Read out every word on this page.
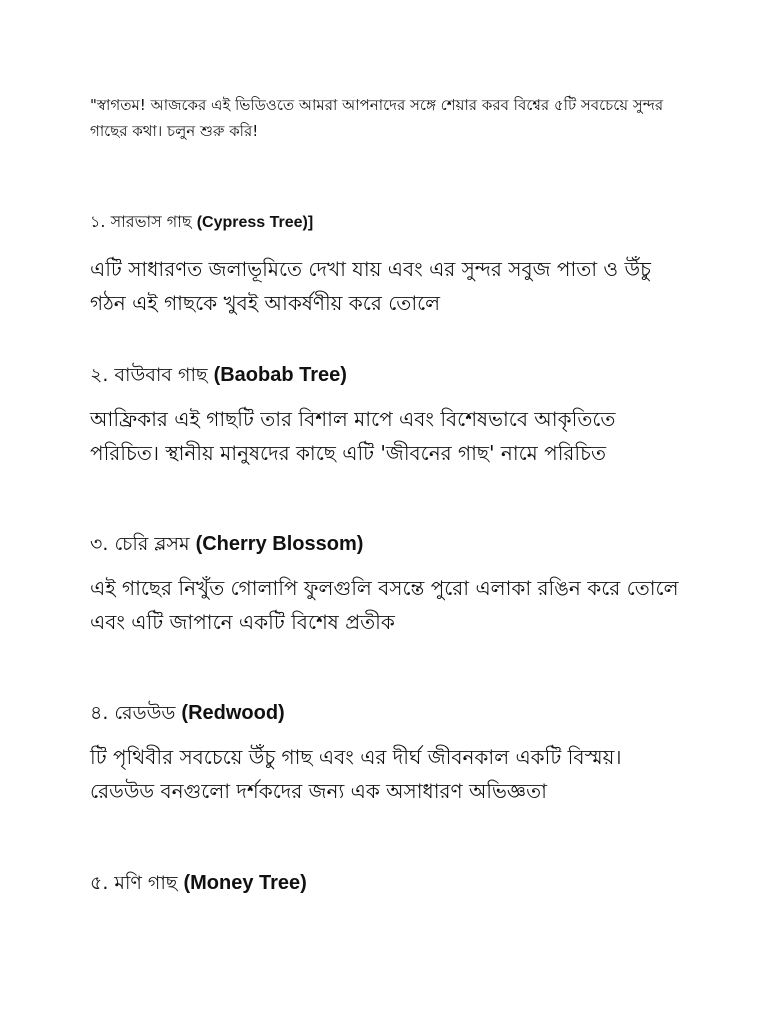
"স্বাগতম! আজকের এই ভিডিওতে আমরা আপনাদের সঙ্গে শেয়ার করব বিশ্বের ৫টি সবচেয়ে সুন্দর গাছের কথা। চলুন শুরু করি!
১. সারভাস গাছ (Cypress Tree)]
এটি সাধারণত জলাভূমিতে দেখা যায় এবং এর সুন্দর সবুজ পাতা ও উঁচু গঠন এই গাছকে খুবই আকর্ষণীয় করে তোলে
২. বাউবাব গাছ (Baobab Tree)
আফ্রিকার এই গাছটি তার বিশাল মাপে এবং বিশেষভাবে আকৃতিতে পরিচিত। স্থানীয় মানুষদের কাছে এটি 'জীবনের গাছ' নামে পরিচিত
৩. চেরি ব্লসম (Cherry Blossom)
এই গাছের নিখুঁত গোলাপি ফুলগুলি বসন্তে পুরো এলাকা রঙিন করে তোলে এবং এটি জাপানে একটি বিশেষ প্রতীক
৪. রেডউড (Redwood)
টি পৃথিবীর সবচেয়ে উঁচু গাছ এবং এর দীর্ঘ জীবনকাল একটি বিস্ময়। রেডউড বনগুলো দর্শকদের জন্য এক অসাধারণ অভিজ্ঞতা
৫. মণি গাছ (Money Tree)
